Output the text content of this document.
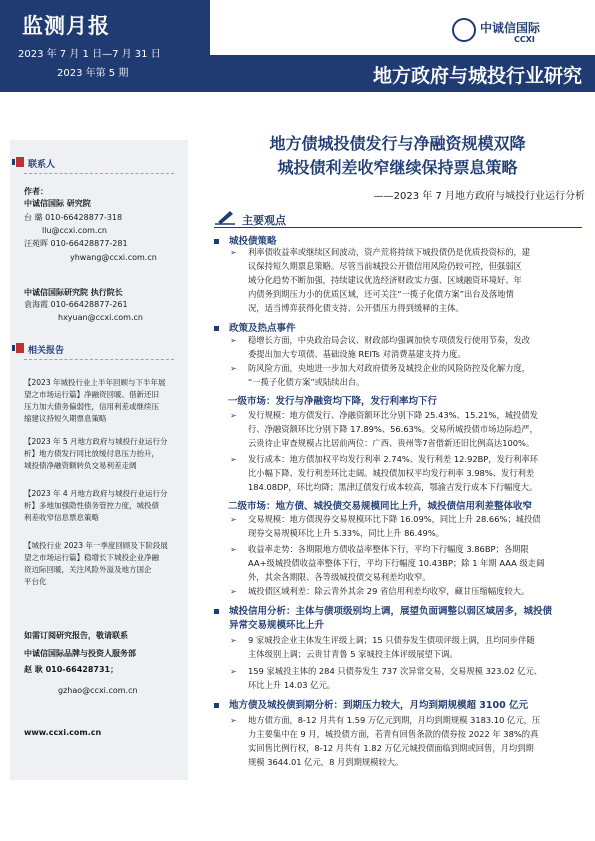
监测月报
2023 年 7 月 1 日—7 月 31 日
2023 年第 5 期	地方政府与城投行业研究
中诚信国际
CCXI
联系人
作者：
中诚信国际 研究院
台 璐 010-66428877-318
llu@ccxi.com.cn
汪苑晖 010-66428877-281
yhwang@ccxi.com.cn
中诚信国际研究院 执行院长
袁海霞 010-66428877-261
hxyuan@ccxi.com.cn
相关报告
【2023 年城投行业上半年回顾与下半年展
望之市场运行篇】净融资回暖、借新还旧
压力加大债务偏弱性，信用利差或继续压
缩建议持短久期票息策略
【2023 年 5 月地方政府与城投行业运行分
析】地方债发行同比放缓付息压力抬升，
城投债净融资额转负交易利差走阔
【2023 年 4 月地方政府与城投行业运行分
析】多地加强隐性债务管控力度，城投债
利差收窄信息票息策略
【城投行业 2023 年一季度回顾及下阶段展
望之市场运行篇】稳增长下城投企业净融
资边际回暖，关注风险外溢及地方国企
平台化
如需订阅研究报告，敬请联系
中诚信国际品牌与投资人服务部
赵 耿 010-66428731；
gzhao@ccxi.com.cn
www.ccxi.com.cn
地方债城投债发行与净融资规模双降
城投债利差收窄继续保持票息策略
——2023 年 7 月地方政府与城投行业运行分析
主要观点
城投债策略
➢ 利率债收益率或继续区间波动，资产荒将持续下城投债仍是优质投资标的，建
议保持短久期票息策略。尽管当前城投公开债信用风险仍较可控，但强弱区
域分化趋势不断加强，持续建议优选经济财政实力强、区域融资环境好、年
内债务到期压力小的优质区域，还可关注“一揽子化债方案”出台及落地情
况，适当博弈获得化债支持、公开债压力得到缓释的主体。
政策及热点事件
➢ 稳增长方面，中央政治局会议、财政部均强调加快专项债发行使用节奏，发改
委提出加大专项债、基础设施 REITs 对消费基建支持力度。
➢ 防风险方面，央地进一步加大对政府债务及城投企业的风险防控及化解力度，
“一揽子化债方案”或陆续出台。
一级市场：发行与净融资均下降，发行利率均下行
➢ 发行规模：地方债发行、净融资额环比分别下降 25.43%、15.21%，城投债发
行、净融资额环比分别下降 17.89%、56.63%。交易所城投债市场边际趋严，
云贵待止审查规模占比居前两位：广西、贵州等7省借新还旧比例高达100%。
➢ 发行成本：地方债加权平均发行利率 2.74%、发行利差 12.92BP，发行利率环
比小幅下降、发行利差环比走阔。城投债加权平均发行利率 3.98%、发行利差
184.08DP，环比均降；黑津辽债发行成本较高，鄂渝吉发行成本下行幅度大。
二级市场：地方债、城投债交易规模同比上升，城投债信用利差整体收窄
➢ 交易规模：地方债现券交易规模环比下降 16.09%，同比上升 28.66%；城投债
现券交易规模环比上升 5.33%，同比上升 86.49%。
➢ 收益率走势：各期限地方债收益率整体下行，平均下行幅度 3.86BP；各期限
AA+级城投债收益率整体下行，平均下行幅度 10.43BP；除 1 年期 AAA 级走阔
外，其余各期限、各等级城投债交易利差均收窄。
➢ 城投债区域利差：除云青外其余 29 省信用利差均收窄，藏甘压缩幅度较大。
城投信用分析：主体与债项级别均上调，展望负面调整以弱区域居多，城投债
异常交易规模环比上升
➢ 9 家城投企业主体发生评级上调；15 只债券发生债项评级上调，且均同步伴随
主体级别上调；云贵甘青鲁 5 家城投主体评级展望下调。
➢ 159 家城投主体的 284 只债券发生 737 次异常交易，交易规模 323.02 亿元、
环比上升 14.03 亿元。
地方债及城投债到期分析：到期压力较大，月均到期规模超 3100 亿元
➢ 地方债方面，8-12 月共有 1.59 万亿元到期，月均到期规模 3183.10 亿元，压
力主要集中在 9 月，城投债方面，若青有回售条款的债券按 2022 年 38%的真
实回售比例行权，8-12 月共有 1.82 万亿元城投债面临到期或回售，月均到期
规模 3644.01 亿元，8 月到期规模较大。
